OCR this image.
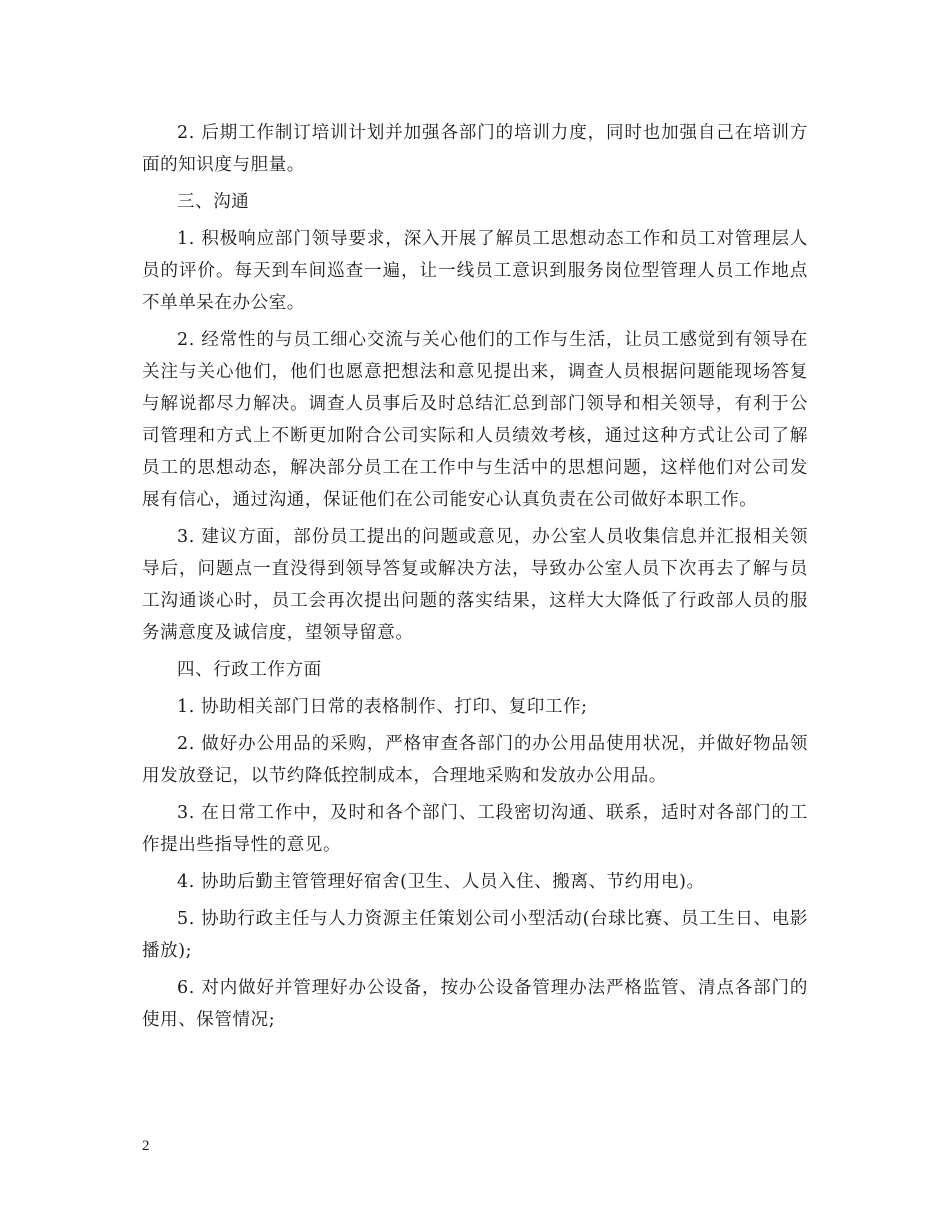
2. 后期工作制订培训计划并加强各部门的培训力度，同时也加强自己在培训方面的知识度与胆量。

三、沟通

1. 积极响应部门领导要求，深入开展了解员工思想动态工作和员工对管理层人员的评价。每天到车间巡查一遍，让一线员工意识到服务岗位型管理人员工作地点不单单呆在办公室。

2. 经常性的与员工细心交流与关心他们的工作与生活，让员工感觉到有领导在关注与关心他们，他们也愿意把想法和意见提出来，调查人员根据问题能现场答复与解说都尽力解决。调查人员事后及时总结汇总到部门领导和相关领导，有利于公司管理和方式上不断更加附合公司实际和人员绩效考核，通过这种方式让公司了解员工的思想动态，解决部分员工在工作中与生活中的思想问题，这样他们对公司发展有信心，通过沟通，保证他们在公司能安心认真负责在公司做好本职工作。

3. 建议方面，部份员工提出的问题或意见，办公室人员收集信息并汇报相关领导后，问题点一直没得到领导答复或解决方法，导致办公室人员下次再去了解与员工沟通谈心时，员工会再次提出问题的落实结果，这样大大降低了行政部人员的服务满意度及诚信度，望领导留意。

四、行政工作方面

1. 协助相关部门日常的表格制作、打印、复印工作;

2. 做好办公用品的采购，严格审查各部门的办公用品使用状况，并做好物品领用发放登记，以节约降低控制成本，合理地采购和发放办公用品。

3. 在日常工作中，及时和各个部门、工段密切沟通、联系，适时对各部门的工作提出些指导性的意见。

4. 协助后勤主管管理好宿舍(卫生、人员入住、搬离、节约用电)。

5. 协助行政主任与人力资源主任策划公司小型活动(台球比赛、员工生日、电影播放);

6. 对内做好并管理好办公设备，按办公设备管理办法严格监管、清点各部门的使用、保管情况;

2
